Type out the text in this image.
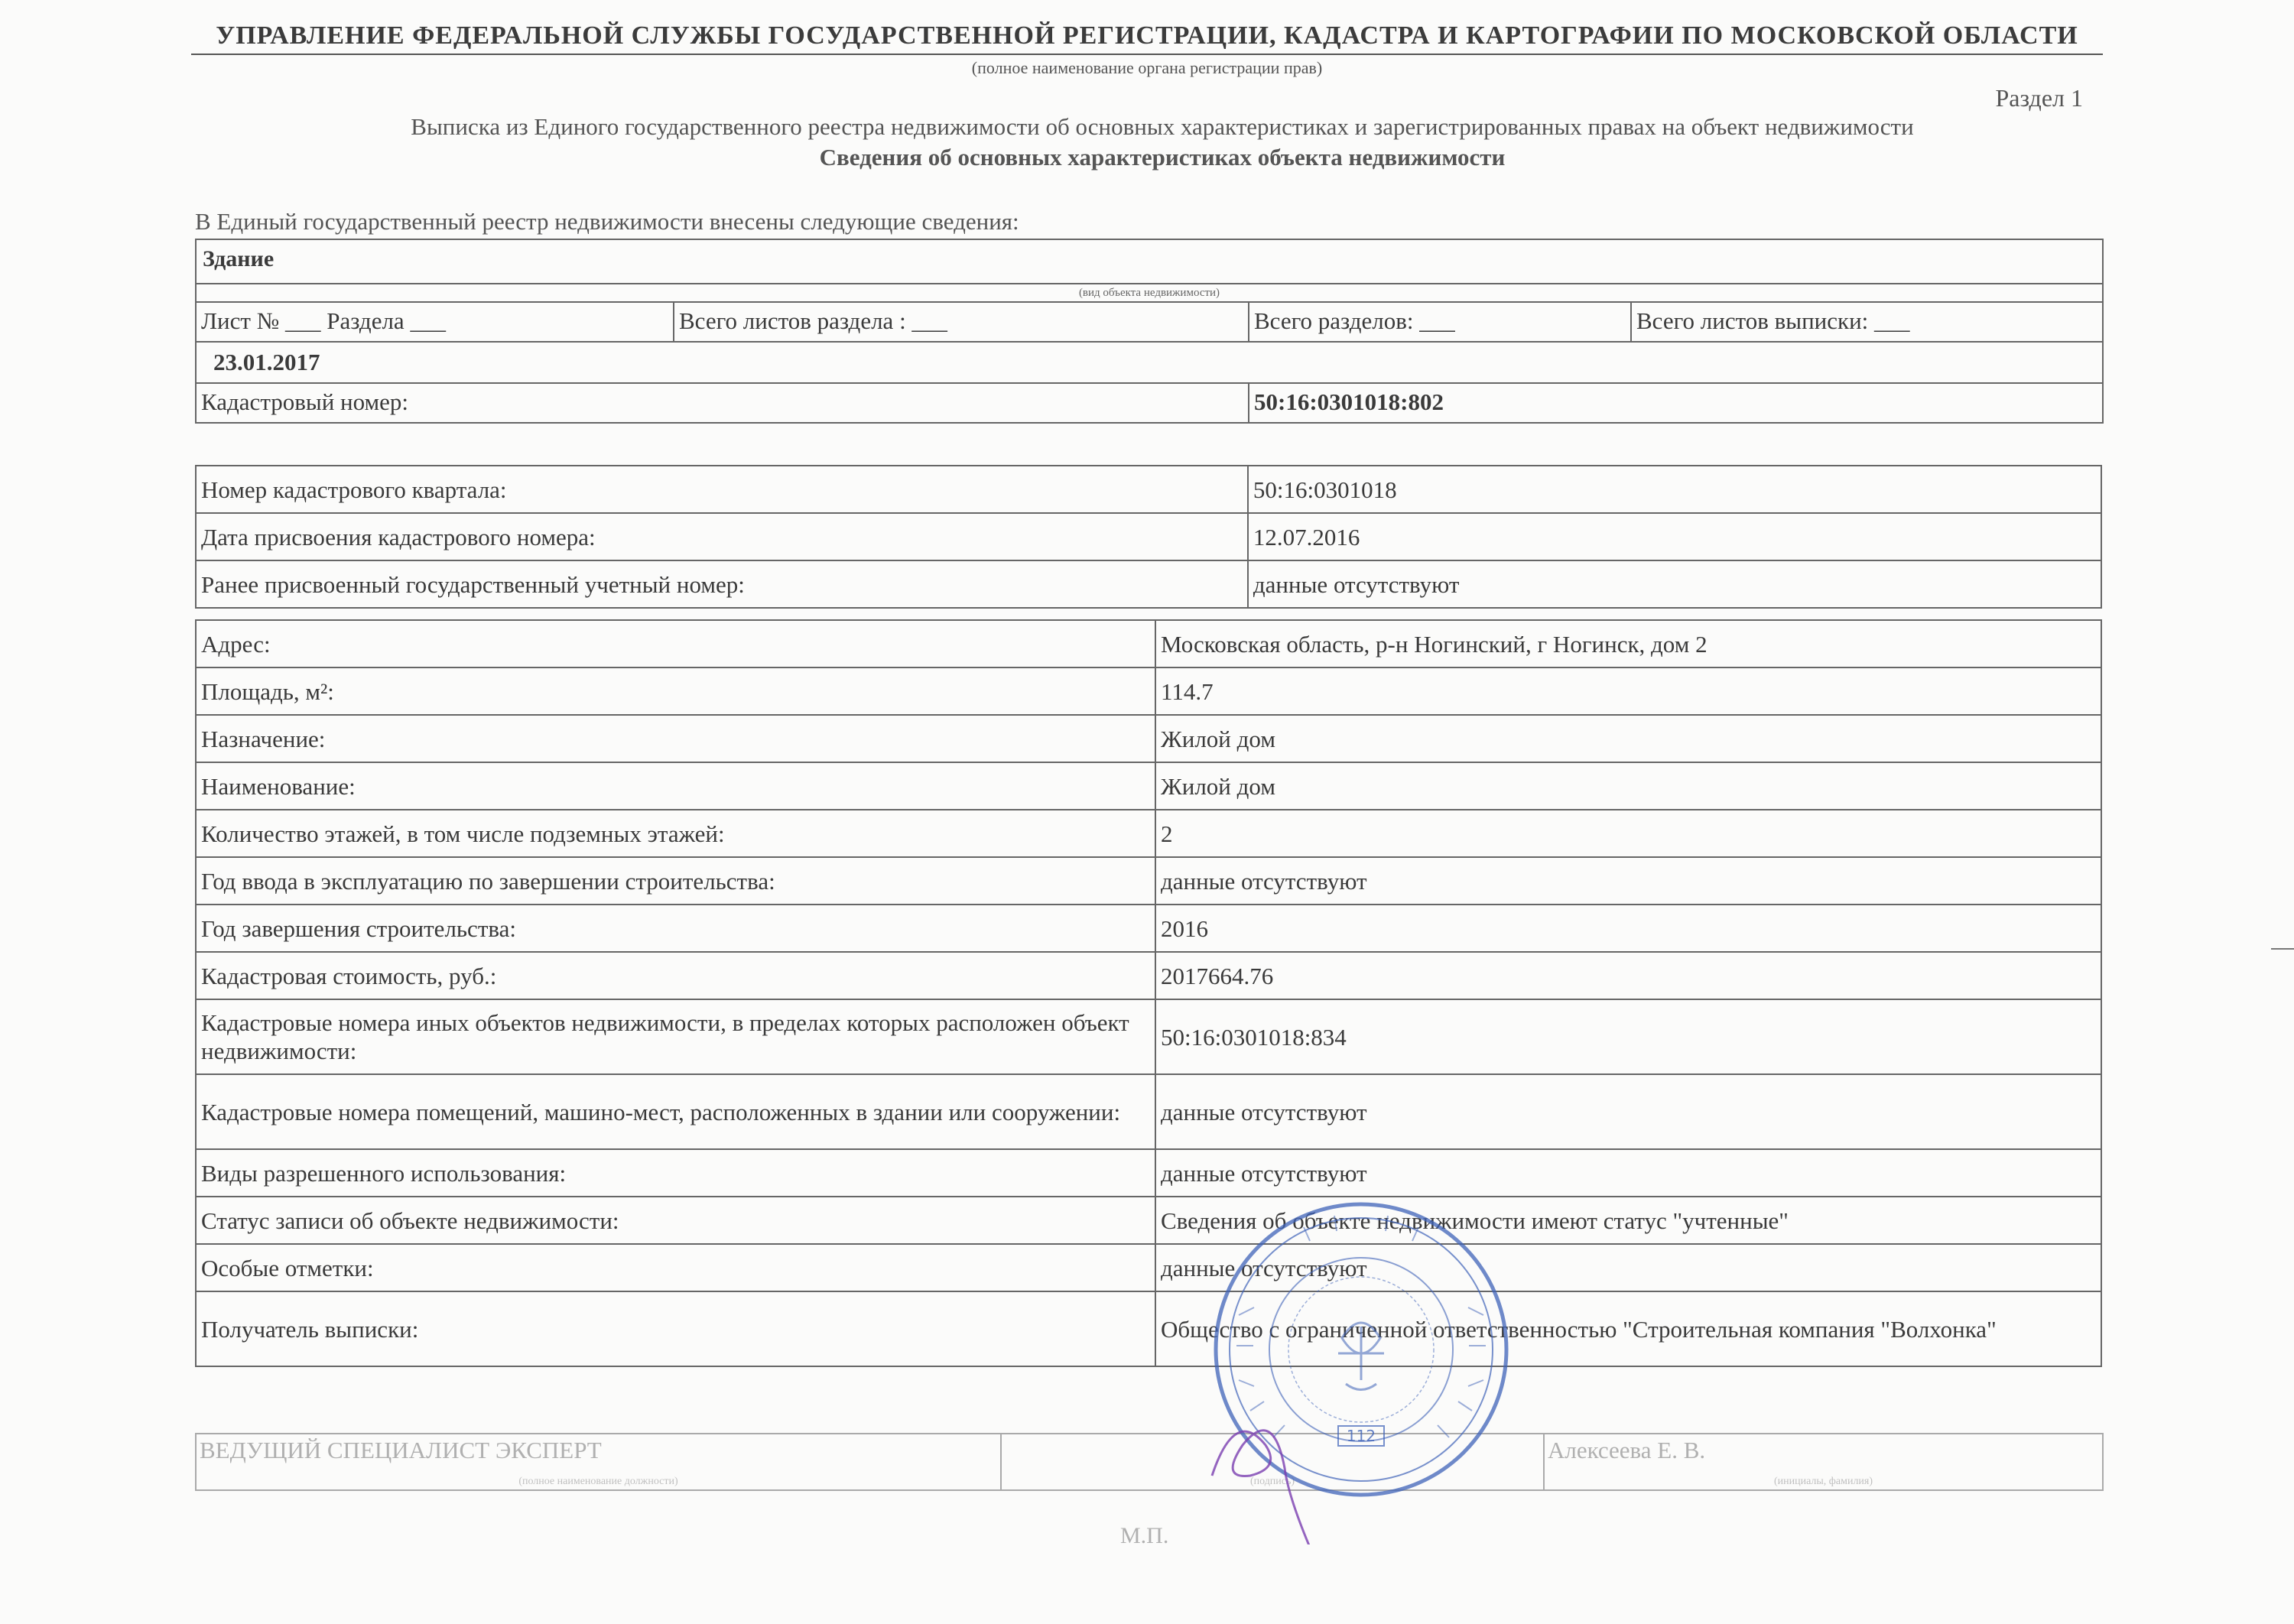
УПРАВЛЕНИЕ ФЕДЕРАЛЬНОЙ СЛУЖБЫ ГОСУДАРСТВЕННОЙ РЕГИСТРАЦИИ, КАДАСТРА И КАРТОГРАФИИ ПО МОСКОВСКОЙ ОБЛАСТИ
(полное наименование органа регистрации прав)
Раздел 1
Выписка из Единого государственного реестра недвижимости об основных характеристиках и зарегистрированных правах на объект недвижимости
Сведения об основных характеристиках объекта недвижимости
В Единый государственный реестр недвижимости внесены следующие сведения:
Здание
(вид объекта недвижимости)
Лист № ___ Раздела ___	Всего листов раздела : ___	Всего разделов: ___	Всего листов выписки: ___
23.01.2017
Кадастровый номер:	50:16:0301018:802
Номер кадастрового квартала:	50:16:0301018
Дата присвоения кадастрового номера:	12.07.2016
Ранее присвоенный государственный учетный номер:	данные отсутствуют
Адрес:	Московская область, р-н Ногинский, г Ногинск, дом 2
Площадь, м²:	114.7
Назначение:	Жилой дом
Наименование:	Жилой дом
Количество этажей, в том числе подземных этажей:	2
Год ввода в эксплуатацию по завершении строительства:	данные отсутствуют
Год завершения строительства:	2016
Кадастровая стоимость, руб.:	2017664.76
Кадастровые номера иных объектов недвижимости, в пределах которых расположен объект недвижимости:	50:16:0301018:834
Кадастровые номера помещений, машино-мест, расположенных в здании или сооружении:	данные отсутствуют
Виды разрешенного использования:	данные отсутствуют
Статус записи об объекте недвижимости:	Сведения об объекте недвижимости имеют статус "учтенные"
Особые отметки:	данные отсутствуют
Получатель выписки:	Общество с ограниченной ответственностью "Строительная компания "Волхонка"
ВЕДУЩИЙ СПЕЦИАЛИСТ ЭКСПЕРТ
(полное наименование должности)	(подпись)
Алексеева Е. В.
(инициалы, фамилия)
М.П.
112
